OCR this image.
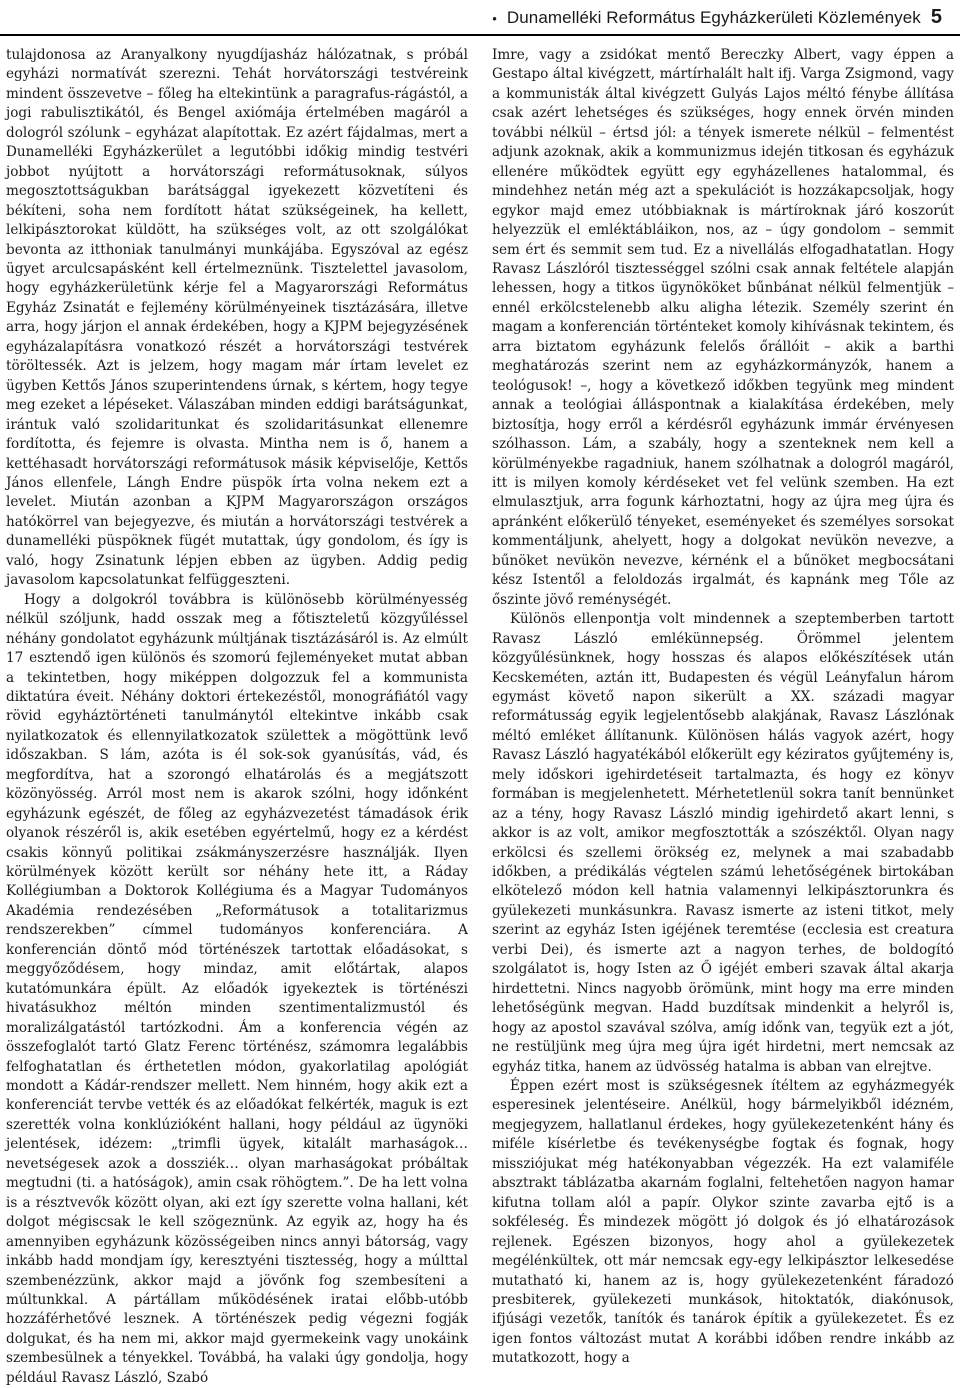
• Dunamelléki Református Egyházkerületi Közlemények 5

tulajdonosa az Aranyalkony nyugdíjasház hálózatnak, s próbál egyházi normatívát szerezni. Tehát horvátországi testvéreink mindent összevetve – főleg ha eltekintünk a paragrafus-rágástól, a jogi rabulisztikától, és Bengel axiómája értelmében magáról a dologról szólunk – egyházat alapítottak. Ez azért fájdalmas, mert a Dunamelléki Egyházkerület a legutóbbi időkig mindig testvéri jobbot nyújtott a horvátországi reformátusoknak, súlyos megosztottságukban barátsággal igyekezett közvetíteni és békíteni, soha nem fordított hátat szükségeinek, ha kellett, lelkipásztorokat küldött, ha szükséges volt, az ott szolgálókat bevonta az itthoniak tanulmányi munkájába. Egyszóval az egész ügyet arculcsapásként kell értelmeznünk. Tisztelettel javasolom, hogy egyházkerületünk kérje fel a Magyarországi Református Egyház Zsinatát e fejlemény körülményeinek tisztázására, illetve arra, hogy járjon el annak érdekében, hogy a KJPM bejegyzésének egyházalapításra vonatkozó részét a horvátországi testvérek töröltessék. Azt is jelzem, hogy magam már írtam levelet ez ügyben Kettős János szuperintendens úrnak, s kértem, hogy tegye meg ezeket a lépéseket. Válaszában minden eddigi barátságunkat, irántuk való szolidaritunkat és szolidaritásunkat ellenemre fordította, és fejemre is olvasta. Mintha nem is ő, hanem a kettéhasadt horvátországi reformátusok másik képviselője, Kettős János ellenfele, Lángh Endre püspök írta volna nekem ezt a levelet. Miután azonban a KJPM Magyarországon országos hatókörrel van bejegyezve, és miután a horvátországi testvérek a dunamelléki püspöknek fügét mutattak, úgy gondolom, és így is való, hogy Zsinatunk lépjen ebben az ügyben. Addig pedig javasolom kapcsolatunkat felfüggeszteni.

Hogy a dolgokról továbbra is különösebb körülményesség nélkül szóljunk, hadd osszak meg a főtiszteletű közgyűléssel néhány gondolatot egyházunk múltjának tisztázásáról is. Az elmúlt 17 esztendő igen különös és szomorú fejleményeket mutat abban a tekintetben, hogy miképpen dolgozzuk fel a kommunista diktatúra éveit. Néhány doktori értekezéstől, monográfiától vagy rövid egyháztörténeti tanulmánytól eltekintve inkább csak nyilatkozatok és ellennyilatkozatok születtek a mögöttünk levő időszakban. S lám, azóta is él sok-sok gyanúsítás, vád, és megfordítva, hat a szorongó elhatárolás és a megjátszott közönyösség. Arról most nem is akarok szólni, hogy időnként egyházunk egészét, de főleg az egyházvezetést támadások érik olyanok részéről is, akik esetében egyértelmű, hogy ez a kérdést csakis könnyű politikai zsákmányszerzésre használják. Ilyen körülmények között került sor néhány hete itt, a Ráday Kollégiumban a Doktorok Kollégiuma és a Magyar Tudományos Akadémia rendezésében „Reformátusok a totalitarizmus rendszerekben” címmel tudományos konferenciára. A konferencián döntő mód történészek tartottak előadásokat, s meggyőződésem, hogy mindaz, amit előtártak, alapos kutatómunkára épült. Az előadók igyekeztek is történészi hivatásukhoz méltón minden szentimentalizmustól és moralizálgatástól tartózkodni. Ám a konferencia végén az összefoglalót tartó Glatz Ferenc történész, számomra legalábbis felfoghatatlan és érthetetlen módon, gyakorlatilag apológiát mondott a Kádár-rendszer mellett. Nem hinném, hogy akik ezt a konferenciát tervbe vették és az előadókat felkérték, maguk is ezt szerették volna konklúzióként hallani, hogy például az ügynöki jelentések, idézem: „trimfli ügyek, kitalált marhaságok… nevetségesek azok a dossziék… olyan marhaságokat próbáltak megtudni (ti. a hatóságok), amin csak röhögtem.”. De ha lett volna is a résztvevők között olyan, aki ezt így szerette volna hallani, két dolgot mégiscsak le kell szögeznünk. Az egyik az, hogy ha és amennyiben egyházunk közösségeiben nincs annyi bátorság, vagy inkább hadd mondjam így, keresztyéni tisztesség, hogy a múlttal szembenézzünk, akkor majd a jövőnk fog szembesíteni a múltunkkal. A pártállam működésének iratai előbb-utóbb hozzáférhetővé lesznek. A történészek pedig végezni fogják dolgukat, és ha nem mi, akkor majd gyermekeink vagy unokáink szembesülnek a tényekkel. Továbbá, ha valaki úgy gondolja, hogy például Ravasz László, Szabó

Imre, vagy a zsidókat mentő Bereczky Albert, vagy éppen a Gestapo által kivégzett, mártírhalált halt ifj. Varga Zsigmond, vagy a kommunisták által kivégzett Gulyás Lajos méltó fénybe állítása csak azért lehetséges és szükséges, hogy ennek örvén minden további nélkül – értsd jól: a tények ismerete nélkül – felmentést adjunk azoknak, akik a kommunizmus idején titkosan és egyházuk ellenére működtek együtt egy egyházellenes hatalommal, és mindehhez netán még azt a spekulációt is hozzákapcsoljak, hogy egykor majd emez utóbbiaknak is mártíroknak járó koszorút helyezzük el emléktábláikon, nos, az – úgy gondolom – semmit sem ért és semmit sem tud. Ez a nivellálás elfogadhatatlan. Hogy Ravasz Lászlóról tisztességgel szólni csak annak feltétele alapján lehessen, hogy a titkos ügynököket bűnbánat nélkül felmentjük – ennél erkölcstelenebb alku aligha létezik. Személy szerint én magam a konferencián történteket komoly kihívásnak tekintem, és arra biztatom egyházunk felelős őrállóit – akik a barthi meghatározás szerint nem az egyházkormányzók, hanem a teológusok! –, hogy a következő időkben tegyünk meg mindent annak a teológiai álláspontnak a kialakítása érdekében, mely biztosítja, hogy erről a kérdésről egyházunk immár érvényesen szólhasson. Lám, a szabály, hogy a szenteknek nem kell a körülményekbe ragadniuk, hanem szólhatnak a dologról magáról, itt is milyen komoly kérdéseket vet fel velünk szemben. Ha ezt elmulasztjuk, arra fogunk kárhoztatni, hogy az újra meg újra és apránként előkerülő tényeket, eseményeket és személyes sorsokat kommentáljunk, ahelyett, hogy a dolgokat nevükön nevezve, a bűnöket nevükön nevezve, kérnénk el a bűnöket megbocsátani kész Istentől a feloldozás irgalmát, és kapnánk meg Tőle az őszinte jövő reménységét.

Különös ellenpontja volt mindennek a szeptemberben tartott Ravasz László emlékünnepség. Örömmel jelentem közgyűlésünknek, hogy hosszas és alapos előkészítések után Kecskeméten, aztán itt, Budapesten és végül Leányfalun három egymást követő napon sikerült a XX. századi magyar reformátusság egyik legjelentősebb alakjának, Ravasz Lászlónak méltó emléket állítanunk. Különösen hálás vagyok azért, hogy Ravasz László hagyatékából előkerült egy kéziratos gyűjtemény is, mely időskori igehirdetéseit tartalmazta, és hogy ez könyv formában is megjelenhetett. Mérhetetlenül sokra tanít bennünket az a tény, hogy Ravasz László mindig igehirdető akart lenni, s akkor is az volt, amikor megfosztották a szószéktől. Olyan nagy erkölcsi és szellemi örökség ez, melynek a mai szabadabb időkben, a prédikálás végtelen számú lehetőségének birtokában elkötelező módon kell hatnia valamennyi lelkipásztorunkra és gyülekezeti munkásunkra. Ravasz ismerte az isteni titkot, mely szerint az egyház Isten igéjének teremtése (ecclesia est creatura verbi Dei), és ismerte azt a nagyon terhes, de boldogító szolgálatot is, hogy Isten az Ő igéjét emberi szavak által akarja hirdettetni. Nincs nagyobb örömünk, mint hogy ma erre minden lehetőségünk megvan. Hadd buzdítsak mindenkit a helyről is, hogy az apostol szavával szólva, amíg időnk van, tegyük ezt a jót, ne restüljünk meg újra meg újra igét hirdetni, mert nemcsak az egyház titka, hanem az üdvösség hatalma is abban van elrejtve.

Éppen ezért most is szükségesnek ítéltem az egyházmegyék esperesinek jelentéseire. Anélkül, hogy bármelyikből idézném, megjegyzem, hallatlanul érdekes, hogy gyülekezetenként hány és miféle kísérletbe és tevékenységbe fogtak és fognak, hogy missziójukat még hatékonyabban végezzék. Ha ezt valamiféle absztrakt táblázatba akarnám foglalni, feltehetően nagyon hamar kifutna tollam alól a papír. Olykor szinte zavarba ejtő is a sokféleség. És mindezek mögött jó dolgok és jó elhatározások rejlenek. Egészen bizonyos, hogy ahol a gyülekezetek megélénkültek, ott már nemcsak egy-egy lelkipásztor lelkesedése mutatható ki, hanem az is, hogy gyülekezetenként fáradozó presbiterek, gyülekezeti munkások, hitoktatók, diakónusok, ifjúsági vezetők, tanítók és tanárok építik a gyülekezetet. És ez igen fontos változást mutat A korábbi időben rendre inkább az mutatkozott, hogy a
